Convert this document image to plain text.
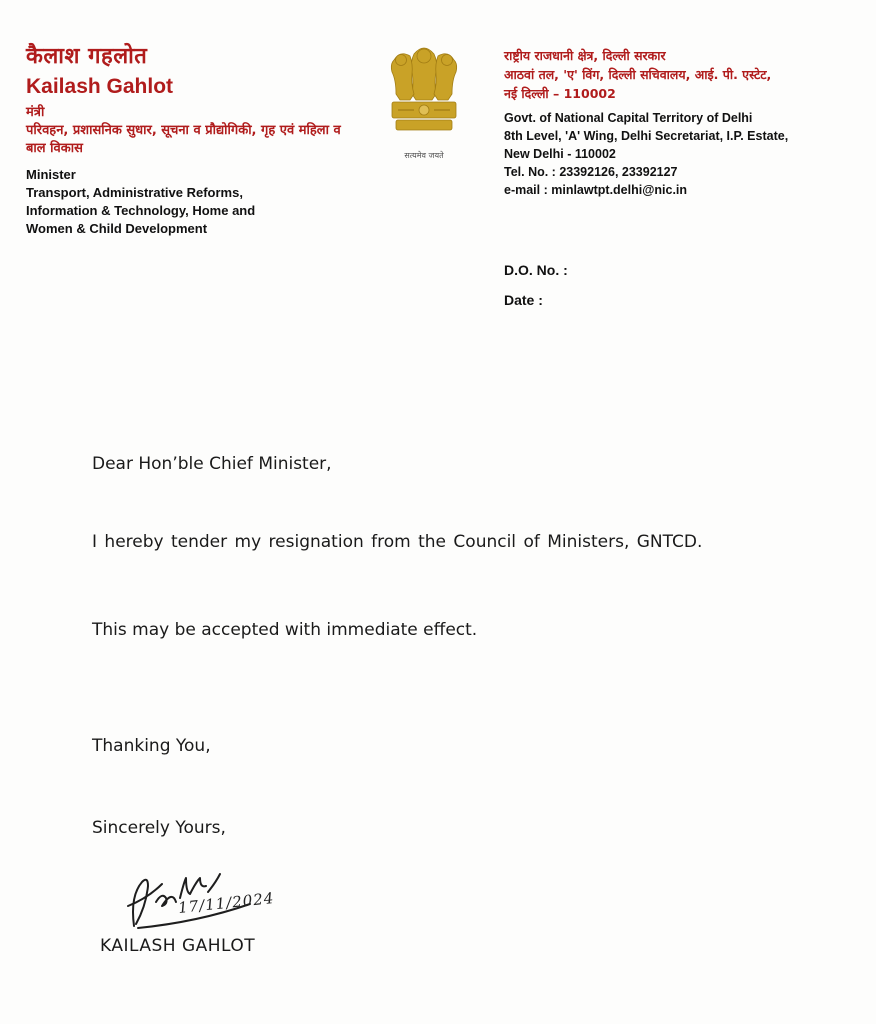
कैलाश गहलोत
Kailash Gahlot
मंत्री
परिवहन, प्रशासनिक सुधार, सूचना व प्रौद्योगिकी, गृह एवं महिला व बाल विकास
Minister
Transport, Administrative Reforms, Information & Technology, Home and Women & Child Development
सत्यमेव जयते
राष्ट्रीय राजधानी क्षेत्र, दिल्ली सरकार
आठवां तल, 'ए' विंग, दिल्ली सचिवालय, आई. पी. एस्टेट,
नई दिल्ली – 110002
Govt. of National Capital Territory of Delhi
8th Level, 'A' Wing, Delhi Secretariat, I.P. Estate,
New Delhi - 110002
Tel. No. : 23392126, 23392127
e-mail : minlawtpt.delhi@nic.in
D.O. No. :
Date :
Dear Hon’ble Chief Minister,
I hereby tender my resignation from the Council of Ministers, GNTCD.
This may be accepted with immediate effect.
Thanking You,
Sincerely Yours,
17/11/2024
KAILASH GAHLOT
